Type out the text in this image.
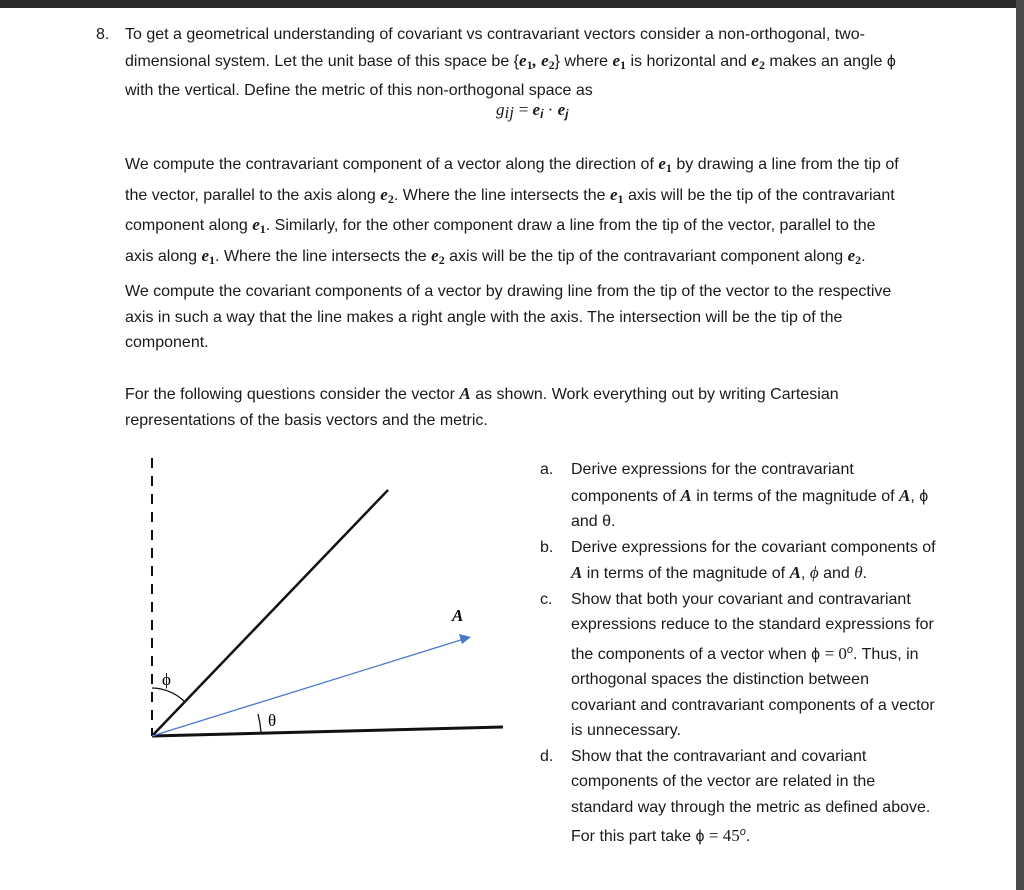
8. To get a geometrical understanding of covariant vs contravariant vectors consider a non-orthogonal, two-
dimensional system. Let the unit base of this space be {$e_1$, $e_2$} where $e_1$ is horizontal and $e_2$ makes an angle ϕ
with the vertical. Define the metric of this non-orthogonal space as
$g_{ij} = e_i \cdot e_j$
We compute the contravariant component of a vector along the direction of $e_1$ by drawing a line from the tip of
the vector, parallel to the axis along $e_2$. Where the line intersects the $e_1$ axis will be the tip of the contravariant
component along $e_1$. Similarly, for the other component draw a line from the tip of the vector, parallel to the
axis along $e_1$. Where the line intersects the $e_2$ axis will be the tip of the contravariant component along $e_2$.
We compute the covariant components of a vector by drawing line from the tip of the vector to the respective
axis in such a way that the line makes a right angle with the axis. The intersection will be the tip of the
component.
For the following questions consider the vector A as shown. Work everything out by writing Cartesian
representations of the basis vectors and the metric.
A
ϕ
θ
a. Derive expressions for the contravariant
components of A in terms of the magnitude of A, ϕ
and θ.
b. Derive expressions for the covariant components of
A in terms of the magnitude of A, ϕ and θ.
c. Show that both your covariant and contravariant
expressions reduce to the standard expressions for
the components of a vector when $\phi = 0^o$. Thus, in
orthogonal spaces the distinction between
covariant and contravariant components of a vector
is unnecessary.
d. Show that the contravariant and covariant
components of the vector are related in the
standard way through the metric as defined above.
For this part take $\phi = 45^o$.
